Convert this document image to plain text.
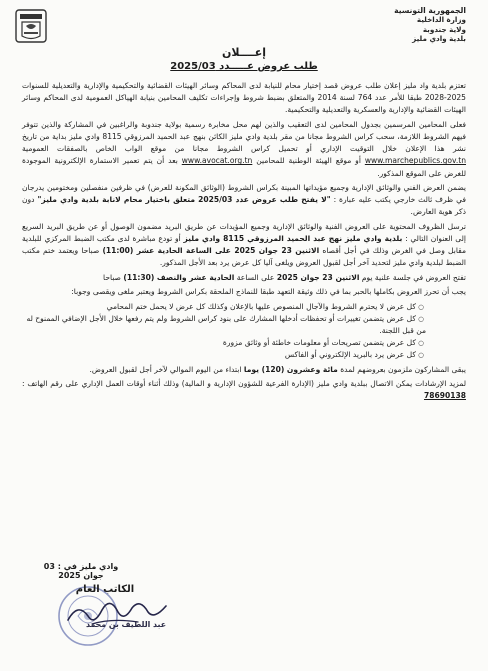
الجمهورية التونسية
وزارة الداخلية
ولاية جندوبة
بلدية وادي مليز
إعــــلان
طلب عروض عـــــدد 2025/03

تعتزم بلدية واد مليز إعلان طلب عروض قصد إختيار محام للنيابة لدى المحاكم وسائر الهيئات القضائية والتحكيمية والإدارية والتعديلية للسنوات 2025-2028 طبقا للأمر عدد 764 لسنة 2014 والمتعلق بضبط شروط وإجراءات تكليف المحامين بنيابة الهياكل العمومية لدى المحاكم وسائر الهيئات القضائية والإدارية والعسكرية والتعديلية والتحكيمية.

فعلى المحامين المرسمين بجدول المحامين لدى التعقيب والذين لهم محل مخابرة رسمية بولاية جندوبة والراغبين في المشاركة والذين تتوفر فيهم الشروط اللازمة، سحب كراس الشروط مجانا من مقر بلدية وادي مليز الكائن بنهج عبد الحميد المرزوقي 8115 وادي مليز بداية من تاريخ نشر هذا الإعلان خلال التوقيت الإداري أو تحميل كراس الشروط مجانا من موقع الواب الخاص بالصفقات العمومية www.marchepublics.gov.tn أو موقع الهيئة الوطنية للمحامين www.avocat.org.tn بعد أن يتم تعمير الاستمارة الإلكترونية الموجودة للغرض على الموقع المذكور.

يضمن العرض الفني والوثائق الإدارية وجميع مؤيداتها المبينة بكراس الشروط (الوثائق المكونة للعرض) في ظرفين منفصلين ومختومين يدرجان في ظرف ثالث خارجي يكتب عليه عبارة : "لا يفتح طلب عروض عدد 2025/03 متعلق باختيار محام لانابة بلدية وادي مليز" دون ذكر هوية العارض.

ترسل الظروف المحتوية على العروض الفنية والوثائق الإدارية وجميع المؤيدات عن طريق البريد مضمون الوصول أو عن طريق البريد السريع إلى العنوان التالي : بلدية وادي مليز نهج عبد الحميد المرزوقي 8115 وادي مليز أو تودع مباشرة لدى مكتب الضبط المركزي للبلدية مقابل وصل في الغرض وذلك في أجل أقصاه الاثنين 23 جوان 2025 على الساعة الحادية عشر (11:00) صباحا ويعتمد ختم مكتب الضبط لبلدية وادي مليز لتحديد آخر أجل لقبول العروض ويلغى آليا كل عرض يرد بعد الأجل المذكور.

تفتح العروض في جلسة علنية يوم الاثنين 23 جوان 2025 على الساعة الحادية عشر والنصف (11:30) صباحا

يجب أن تحرز العروض بكاملها بالحبر بما في ذلك وثيقة التعهد طبقا للنماذج الملحقة بكراس الشروط ويعتبر ملغى ويقصى وجوبا:

○كل عرض لا يحترم الشروط والآجال المنصوص عليها بالإعلان وكذلك كل عرض لا يحمل ختم المحامي
○كل عرض يتضمن تغييرات أو تحفظات أدخلها المشارك على بنود كراس الشروط ولم يتم رفعها خلال الأجل الإضافي الممنوح له من قبل اللجنة.
○كل عرض يتضمن تصريحات أو معلومات خاطئة أو وثائق مزورة
○كل عرض يرد بالبريد الإلكتروني أو الفاكس

يبقى المشاركون ملزمون بعروضهم لمدة مائة وعشرون (120) يوما ابتداء من اليوم الموالي لآخر أجل لقبول العروض.

لمزيد الإرشادات يمكن الاتصال ببلدية وادي مليز (الإدارة الفرعية للشؤون الإدارية و المالية) وذلك أثناء أوقات العمل الإداري على رقم الهاتف : 78690138

وادي مليز في : 03 جوان 2025
الكاتب العام
عبد اللطيف بن محمد
